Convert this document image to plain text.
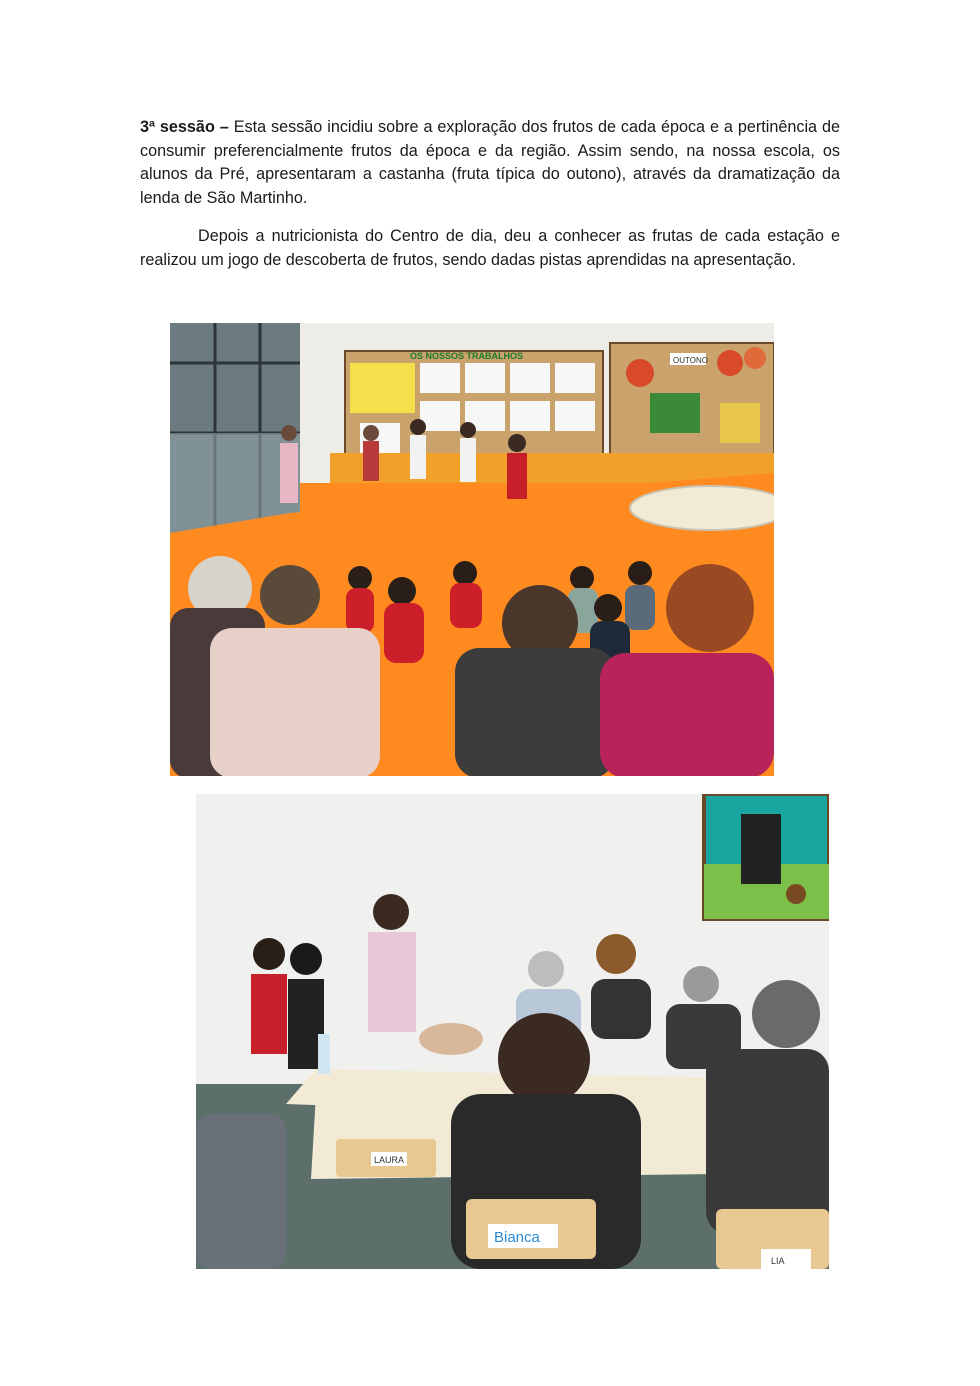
3ª sessão – Esta sessão incidiu sobre a exploração dos frutos de cada época e a pertinência de consumir preferencialmente frutos da época e da região. Assim sendo, na nossa escola, os alunos da Pré, apresentaram a castanha (fruta típica do outono), através da dramatização da lenda de São Martinho.

Depois a nutricionista do Centro de dia, deu a conhecer as frutas de cada estação e realizou um jogo de descoberta de frutos, sendo dadas pistas aprendidas na apresentação.

OS NOSSOS TRABALHOS	OUTONO
LAURA
Bianca
LIA
